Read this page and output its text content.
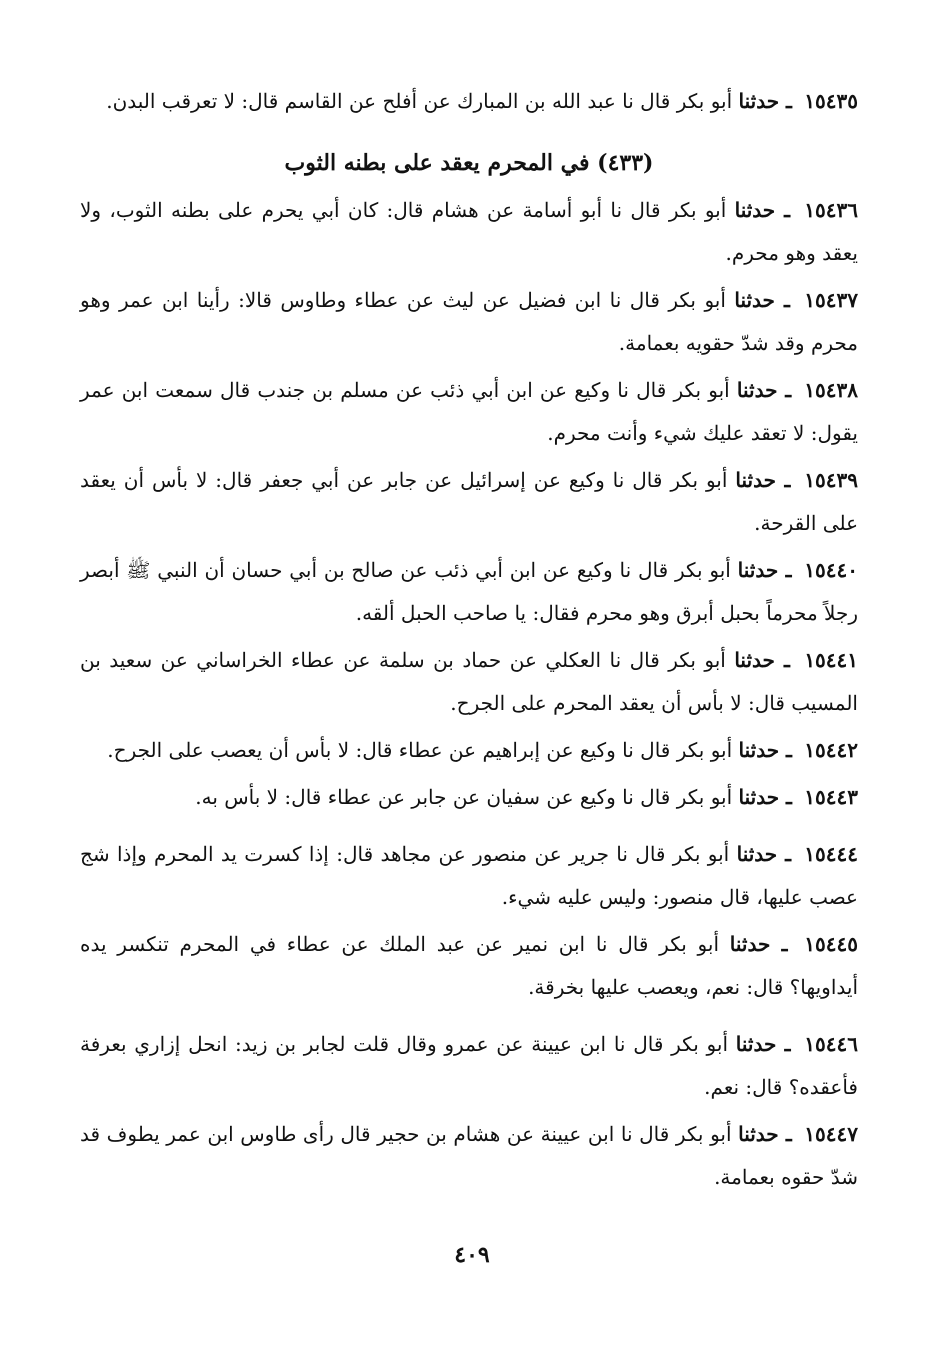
١٥٤٣٥ ـ حدثنا أبو بكر قال نا عبد الله بن المبارك عن أفلح عن القاسم قال: لا تعرقب البدن.

(٤٣٣) في المحرم يعقد على بطنه الثوب

١٥٤٣٦ ـ حدثنا أبو بكر قال نا أبو أسامة عن هشام قال: كان أبي يحرم على بطنه الثوب، ولا يعقد وهو محرم.

١٥٤٣٧ ـ حدثنا أبو بكر قال نا ابن فضيل عن ليث عن عطاء وطاوس قالا: رأينا ابن عمر وهو محرم وقد شدّ حقويه بعمامة.

١٥٤٣٨ ـ حدثنا أبو بكر قال نا وكيع عن ابن أبي ذئب عن مسلم بن جندب قال سمعت ابن عمر يقول: لا تعقد عليك شيء وأنت محرم.

١٥٤٣٩ ـ حدثنا أبو بكر قال نا وكيع عن إسرائيل عن جابر عن أبي جعفر قال: لا بأس أن يعقد على القرحة.

١٥٤٤٠ ـ حدثنا أبو بكر قال نا وكيع عن ابن أبي ذئب عن صالح بن أبي حسان أن النبي ﷺ أبصر رجلاً محرماً بحبل أبرق وهو محرم فقال: يا صاحب الحبل ألقه.

١٥٤٤١ ـ حدثنا أبو بكر قال نا العكلي عن حماد بن سلمة عن عطاء الخراساني عن سعيد بن المسيب قال: لا بأس أن يعقد المحرم على الجرح.

١٥٤٤٢ ـ حدثنا أبو بكر قال نا وكيع عن إبراهيم عن عطاء قال: لا بأس أن يعصب على الجرح.

١٥٤٤٣ ـ حدثنا أبو بكر قال نا وكيع عن سفيان عن جابر عن عطاء قال: لا بأس به.

١٥٤٤٤ ـ حدثنا أبو بكر قال نا جرير عن منصور عن مجاهد قال: إذا كسرت يد المحرم وإذا شج عصب عليها، قال منصور: وليس عليه شيء.

١٥٤٤٥ ـ حدثنا أبو بكر قال نا ابن نمير عن عبد الملك عن عطاء في المحرم تنكسر يده أيداويها؟ قال: نعم، ويعصب عليها بخرقة.

١٥٤٤٦ ـ حدثنا أبو بكر قال نا ابن عيينة عن عمرو وقال قلت لجابر بن زيد: انحل إزاري بعرفة فأعقده؟ قال: نعم.

١٥٤٤٧ ـ حدثنا أبو بكر قال نا ابن عيينة عن هشام بن حجير قال رأى طاوس ابن عمر يطوف قد شدّ حقوه بعمامة.

٤٠٩
